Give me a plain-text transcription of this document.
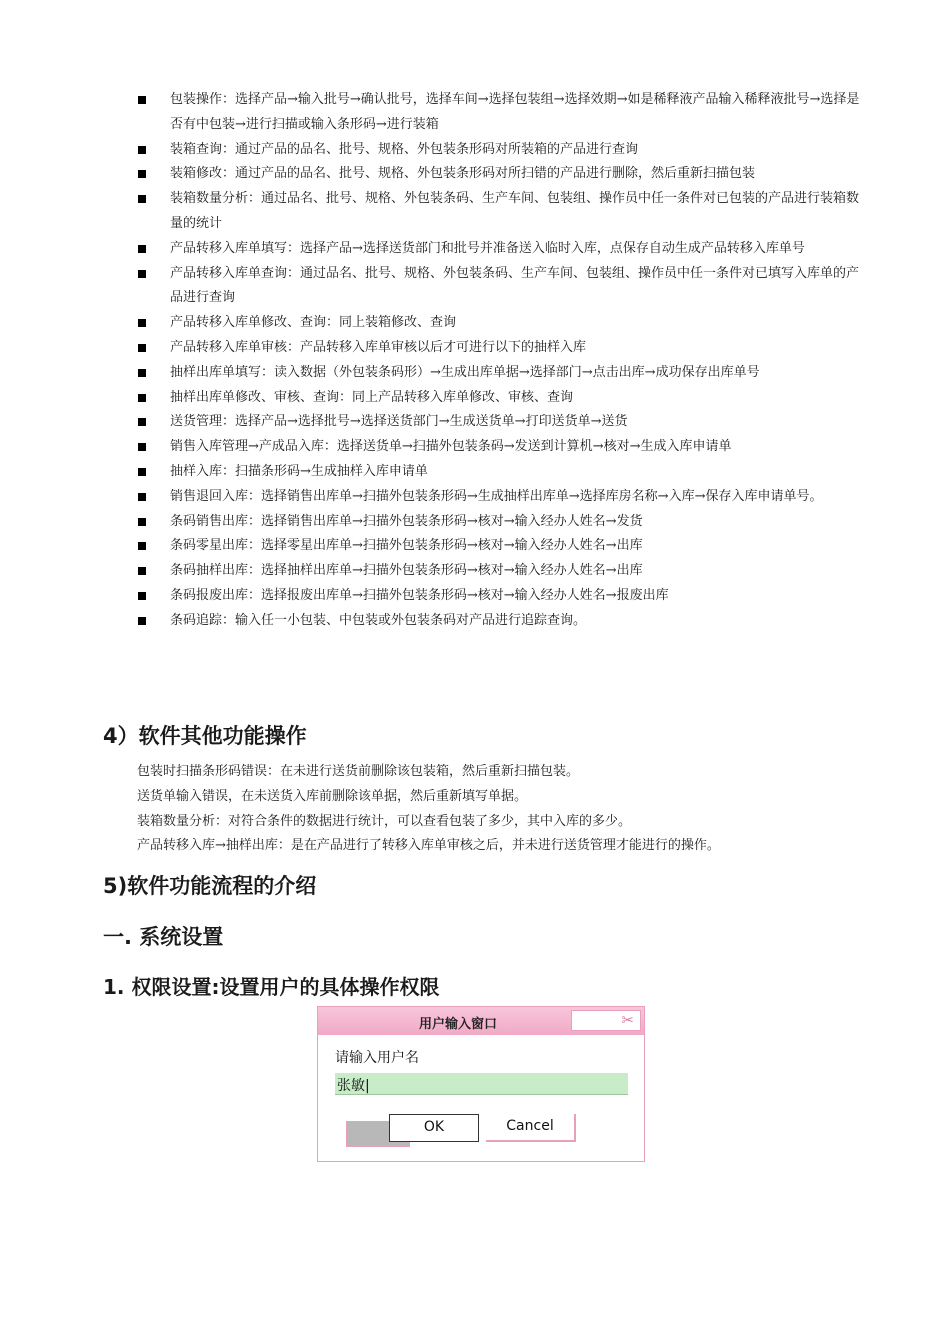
包装操作：选择产品→输入批号→确认批号，选择车间→选择包装组→选择效期→如是稀释液产品输入稀释液批号→选择是否有中包装→进行扫描或输入条形码→进行装箱
装箱查询：通过产品的品名、批号、规格、外包装条形码对所装箱的产品进行查询
装箱修改：通过产品的品名、批号、规格、外包装条形码对所扫错的产品进行删除，然后重新扫描包装
装箱数量分析：通过品名、批号、规格、外包装条码、生产车间、包装组、操作员中任一条件对已包装的产品进行装箱数量的统计
产品转移入库单填写：选择产品→选择送货部门和批号并准备送入临时入库，点保存自动生成产品转移入库单号
产品转移入库单查询：通过品名、批号、规格、外包装条码、生产车间、包装组、操作员中任一条件对已填写入库单的产品进行查询
产品转移入库单修改、查询：同上装箱修改、查询
产品转移入库单审核：产品转移入库单审核以后才可进行以下的抽样入库
抽样出库单填写：读入数据（外包装条码形）→生成出库单据→选择部门→点击出库→成功保存出库单号
抽样出库单修改、审核、查询：同上产品转移入库单修改、审核、查询
送货管理：选择产品→选择批号→选择送货部门→生成送货单→打印送货单→送货
销售入库管理→产成品入库：选择送货单→扫描外包装条码→发送到计算机→核对→生成入库申请单
抽样入库：扫描条形码→生成抽样入库申请单
销售退回入库：选择销售出库单→扫描外包装条形码→生成抽样出库单→选择库房名称→入库→保存入库申请单号。
条码销售出库：选择销售出库单→扫描外包装条形码→核对→输入经办人姓名→发货
条码零星出库：选择零星出库单→扫描外包装条形码→核对→输入经办人姓名→出库
条码抽样出库：选择抽样出库单→扫描外包装条形码→核对→输入经办人姓名→出库
条码报废出库：选择报废出库单→扫描外包装条形码→核对→输入经办人姓名→报废出库
条码追踪：输入任一小包装、中包装或外包装条码对产品进行追踪查询。
4）软件其他功能操作

包装时扫描条形码错误：在未进行送货前删除该包装箱，然后重新扫描包装。

送货单输入错误，在未送货入库前删除该单据，然后重新填写单据。

装箱数量分析：对符合条件的数据进行统计，可以查看包装了多少，其中入库的多少。

产品转移入库→抽样出库：是在产品进行了转移入库单审核之后，并未进行送货管理才能进行的操作。

5)软件功能流程的介绍
一. 系统设置
1. 权限设置:设置用户的具体操作权限
用户输入窗口	✂
请输入用户名
张敏|
OK	Cancel
